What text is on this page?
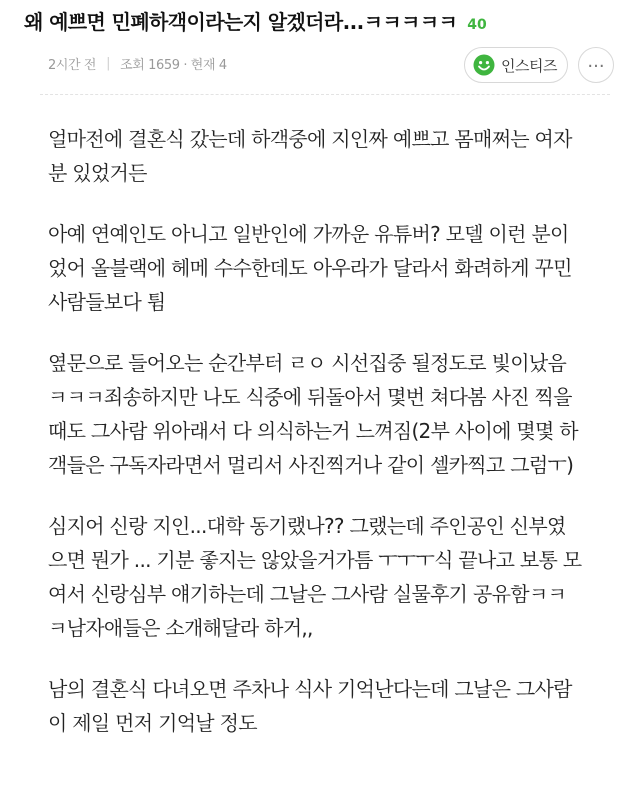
왜 예쁘면 민폐하객이라는지 알겠더라...ㅋㅋㅋㅋㅋ 40
2시간 전 | 조회 1659 · 현재 4	인스티즈 ...

얼마전에 결혼식 갔는데 하객중에 지인짜 예쁘고 몸매쩌는 여자
분 있었거든

아예 연예인도 아니고 일반인에 가까운 유튜버? 모델 이런 분이
었어 올블랙에 헤메 수수한데도 아우라가 달라서 화려하게 꾸민
사람들보다 튐

옆문으로 들어오는 순간부터 ㄹㅇ 시선집중 될정도로 빛이났음
ㅋㅋㅋ죄송하지만 나도 식중에 뒤돌아서 몇번 쳐다봄 사진 찍을
때도 그사람 위아래서 다 의식하는거 느껴짐(2부 사이에 몇몇 하
객들은 구독자라면서 멀리서 사진찍거나 같이 셀카찍고 그럼ㅜ)

심지어 신랑 지인...대학 동기랬나?? 그랬는데 주인공인 신부였
으면 뭔가 ... 기분 좋지는 않았을거가틈 ㅜㅜㅜ식 끝나고 보통 모
여서 신랑심부 얘기하는데 그날은 그사람 실물후기 공유함ㅋㅋ
ㅋ남자애들은 소개해달라 하거,,

남의 결혼식 다녀오면 주차나 식사 기억난다는데 그날은 그사람
이 제일 먼저 기억날 정도
